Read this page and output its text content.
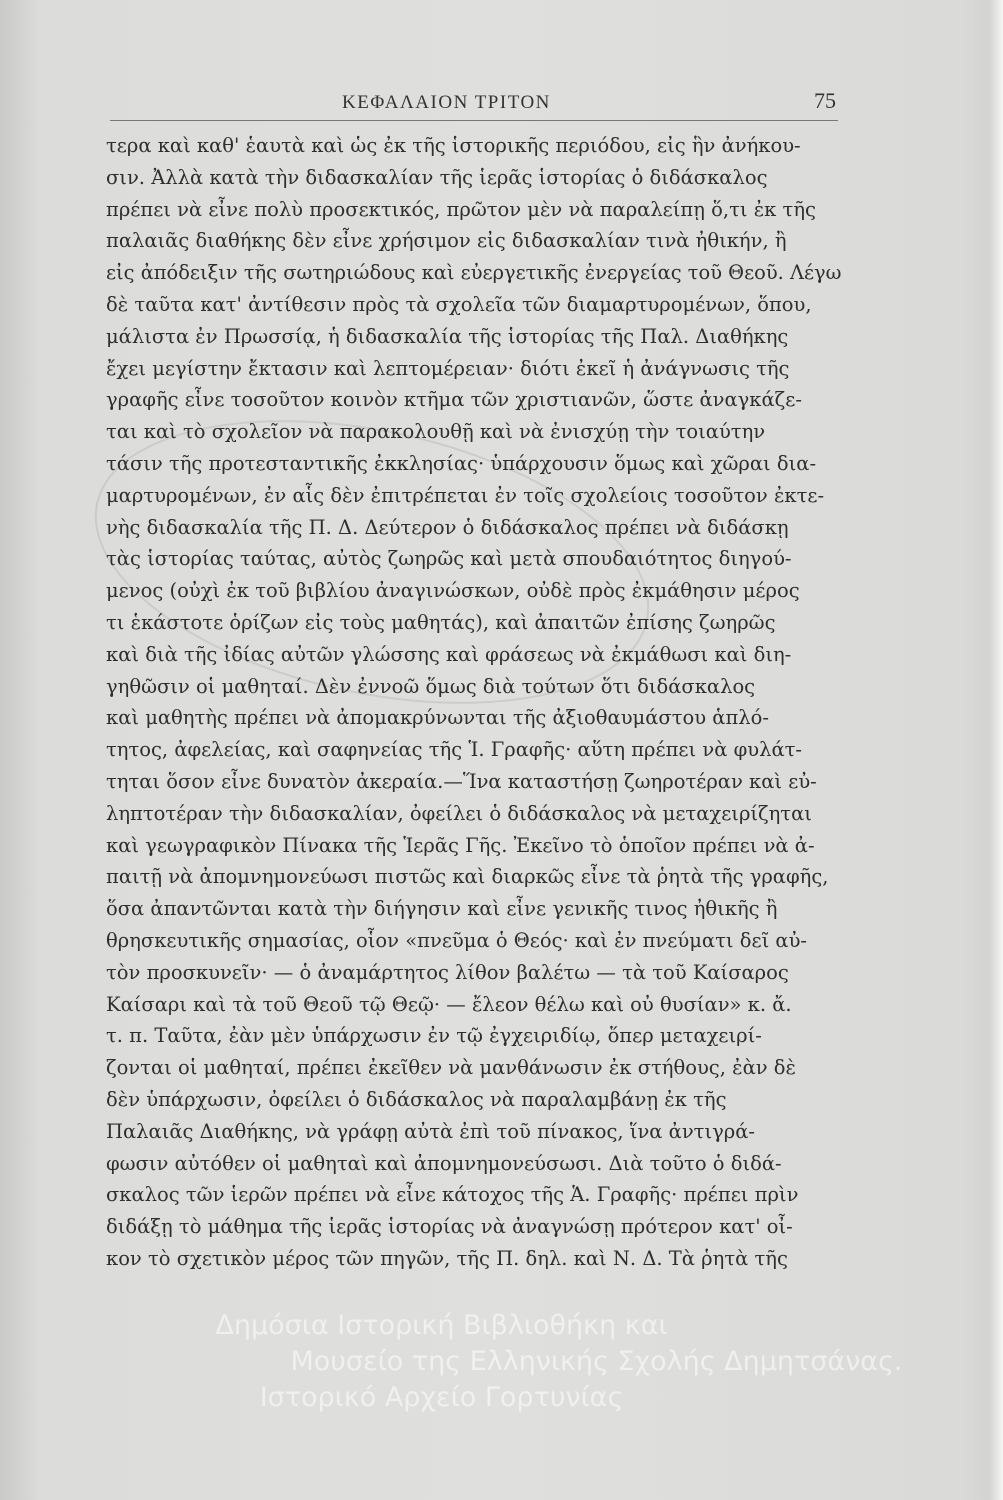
ΚΕΦΑΛΑΙΟΝ ΤΡΙΤΟΝ	75
τερα καὶ καθ' ἑαυτὰ καὶ ὡς ἐκ τῆς ἱστορικῆς περιόδου, εἰς ἣν ἀνήκου-
σιν. Ἀλλὰ κατὰ τὴν διδασκαλίαν τῆς ἱερᾶς ἱστορίας ὁ διδάσκαλος
πρέπει νὰ εἶνε πολὺ προσεκτικός, πρῶτον μὲν νὰ παραλείπῃ ὅ,τι ἐκ τῆς
παλαιᾶς διαθήκης δὲν εἶνε χρήσιμον εἰς διδασκαλίαν τινὰ ἠθικήν, ἢ
εἰς ἀπόδειξιν τῆς σωτηριώδους καὶ εὐεργετικῆς ἐνεργείας τοῦ Θεοῦ. Λέγω
δὲ ταῦτα κατ' ἀντίθεσιν πρὸς τὰ σχολεῖα τῶν διαμαρτυρομένων, ὅπου,
μάλιστα ἐν Πρωσσίᾳ, ἡ διδασκαλία τῆς ἱστορίας τῆς Παλ. Διαθήκης
ἔχει μεγίστην ἔκτασιν καὶ λεπτομέρειαν· διότι ἐκεῖ ἡ ἀνάγνωσις τῆς
γραφῆς εἶνε τοσοῦτον κοινὸν κτῆμα τῶν χριστιανῶν, ὥστε ἀναγκάζε-
ται καὶ τὸ σχολεῖον νὰ παρακολουθῇ καὶ νὰ ἐνισχύῃ τὴν τοιαύτην
τάσιν τῆς προτεσταντικῆς ἐκκλησίας· ὑπάρχουσιν ὅμως καὶ χῶραι δια-
μαρτυρομένων, ἐν αἷς δὲν ἐπιτρέπεται ἐν τοῖς σχολείοις τοσοῦτον ἐκτε-
νὴς διδασκαλία τῆς Π. Δ. Δεύτερον ὁ διδάσκαλος πρέπει νὰ διδάσκῃ
τὰς ἱστορίας ταύτας, αὐτὸς ζωηρῶς καὶ μετὰ σπουδαιότητος διηγού-
μενος (οὐχὶ ἐκ τοῦ βιβλίου ἀναγινώσκων, οὐδὲ πρὸς ἐκμάθησιν μέρος
τι ἑκάστοτε ὁρίζων εἰς τοὺς μαθητάς), καὶ ἀπαιτῶν ἐπίσης ζωηρῶς
καὶ διὰ τῆς ἰδίας αὐτῶν γλώσσης καὶ φράσεως νὰ ἐκμάθωσι καὶ διη-
γηθῶσιν οἱ μαθηταί. Δὲν ἐννοῶ ὅμως διὰ τούτων ὅτι διδάσκαλος
καὶ μαθητὴς πρέπει νὰ ἀπομακρύνωνται τῆς ἀξιοθαυμάστου ἁπλό-
τητος, ἀφελείας, καὶ σαφηνείας τῆς Ἱ. Γραφῆς· αὕτη πρέπει νὰ φυλάτ-
τηται ὅσον εἶνε δυνατὸν ἀκεραία.—Ἵνα καταστήσῃ ζωηροτέραν καὶ εὐ-
ληπτοτέραν τὴν διδασκαλίαν, ὀφείλει ὁ διδάσκαλος νὰ μεταχειρίζηται
καὶ γεωγραφικὸν Πίνακα τῆς Ἱερᾶς Γῆς. Ἐκεῖνο τὸ ὁποῖον πρέπει νὰ ἀ-
παιτῇ νὰ ἀπομνημονεύωσι πιστῶς καὶ διαρκῶς εἶνε τὰ ῥητὰ τῆς γραφῆς,
ὅσα ἀπαντῶνται κατὰ τὴν διήγησιν καὶ εἶνε γενικῆς τινος ἠθικῆς ἢ
θρησκευτικῆς σημασίας, οἷον «πνεῦμα ὁ Θεός· καὶ ἐν πνεύματι δεῖ αὐ-
τὸν προσκυνεῖν· — ὁ ἀναμάρτητος λίθον βαλέτω — τὰ τοῦ Καίσαρος
Καίσαρι καὶ τὰ τοῦ Θεοῦ τῷ Θεῷ· — ἔλεον θέλω καὶ οὐ θυσίαν» κ. ἄ.
τ. π. Ταῦτα, ἐὰν μὲν ὑπάρχωσιν ἐν τῷ ἐγχειριδίῳ, ὅπερ μεταχειρί-
ζονται οἱ μαθηταί, πρέπει ἐκεῖθεν νὰ μανθάνωσιν ἐκ στήθους, ἐὰν δὲ
δὲν ὑπάρχωσιν, ὀφείλει ὁ διδάσκαλος νὰ παραλαμβάνῃ ἐκ τῆς
Παλαιᾶς Διαθήκης, νὰ γράφῃ αὐτὰ ἐπὶ τοῦ πίνακος, ἵνα ἀντιγρά-
φωσιν αὐτόθεν οἱ μαθηταὶ καὶ ἀπομνημονεύσωσι. Διὰ τοῦτο ὁ διδά-
σκαλος τῶν ἱερῶν πρέπει νὰ εἶνε κάτοχος τῆς Ἁ. Γραφῆς· πρέπει πρὶν
διδάξῃ τὸ μάθημα τῆς ἱερᾶς ἱστορίας νὰ ἀναγνώσῃ πρότερον κατ' οἶ-
κον τὸ σχετικὸν μέρος τῶν πηγῶν, τῆς Π. δηλ. καὶ Ν. Δ. Τὰ ῥητὰ τῆς
Δημόσια Ιστορική Βιβλιοθήκη και
Μουσείο της Ελληνικής Σχολής Δημητσάνας.
Ιστορικό Αρχείο Γορτυνίας
